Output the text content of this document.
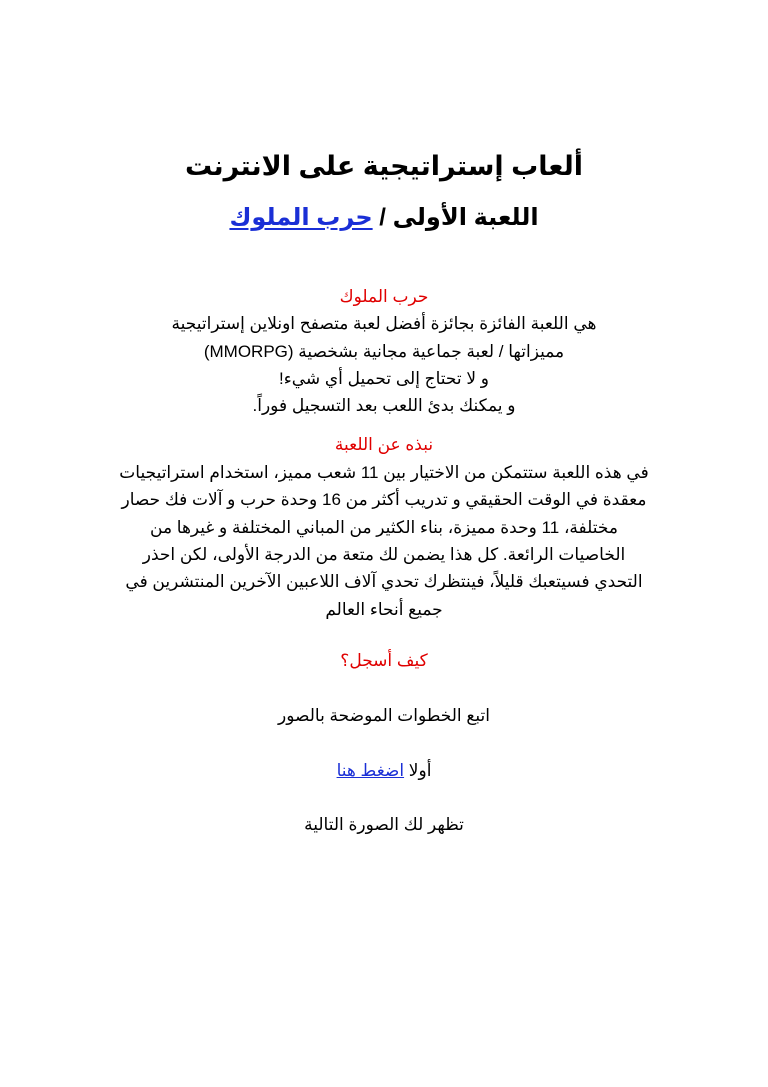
ألعاب إستراتيجية على الانترنت
اللعبة الأولى / حرب الملوك
حرب الملوك
هي اللعبة الفائزة بجائزة أفضل لعبة متصفح اونلاين إستراتيجية
مميزاتها / لعبة جماعية مجانية بشخصية (MMORPG)
و لا تحتاج إلى تحميل أي شيء!
و يمكنك بدئ اللعب بعد التسجيل فوراً.
نبذه عن اللعبة
في هذه اللعبة ستتمكن من الاختيار بين 11 شعب مميز، استخدام استراتيجيات
معقدة في الوقت الحقيقي و تدريب أكثر من 16 وحدة حرب و آلات فك حصار
مختلفة، 11 وحدة مميزة، بناء الكثير من المباني المختلفة و غيرها من
الخاصيات الرائعة. كل هذا يضمن لك متعة من الدرجة الأولى، لكن احذر
التحدي فسيتعبك قليلاً، فينتظرك تحدي آلاف اللاعبين الآخرين المنتشرين في
جميع أنحاء العالم
كيف أسجل؟
اتبع الخطوات الموضحة بالصور
أولا اضغط هنا
تظهر لك الصورة التالية
